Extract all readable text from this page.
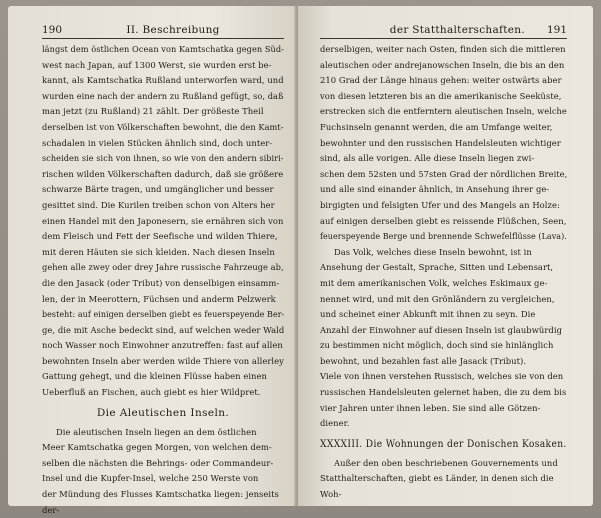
190	II. Beschreibung
längst dem östlichen Ocean von Kamtschatka gegen Süd-
west nach Japan, auf 1300 Werst, sie wurden erst be-
kannt, als Kamtschatka Rußland unterworfen ward, und
wurden eine nach der andern zu Rußland gefügt, so, daß
man jetzt (zu Rußland) 21 zählt. Der größeste Theil
derselben ist von Völkerschaften bewohnt, die den Kamt-
schadalen in vielen Stücken ähnlich sind, doch unter-
scheiden sie sich von ihnen, so wie von den andern sibiri-
rischen wilden Völkerschaften dadurch, daß sie größere
schwarze Bärte tragen, und umgänglicher und besser
gesittet sind. Die Kurilen treiben schon von Alters her
einen Handel mit den Japonesern, sie ernähren sich von
dem Fleisch und Fett der Seefische und wilden Thiere,
mit deren Häuten sie sich kleiden. Nach diesen Inseln
gehen alle zwey oder drey Jahre russische Fahrzeuge ab,
die den Jasack (oder Tribut) von denselbigen einsamm-
len, der in Meerottern, Füchsen und anderm Pelzwerk
besteht: auf einigen derselben giebt es feuerspeyende Ber-
ge, die mit Asche bedeckt sind, auf welchen weder Wald
noch Wasser noch Einwohner anzutreffen: fast auf allen
bewohnten Inseln aber werden wilde Thiere von allerley
Gattung gehegt, und die kleinen Flüsse haben einen
Ueberfluß an Fischen, auch giebt es hier Wildpret.
Die Aleutischen Inseln.
Die aleutischen Inseln liegen an dem östlichen
Meer Kamtschatka gegen Morgen, von welchen dem-
selben die nächsten die Behrings- oder Commandeur-
Insel und die Kupfer-Insel, welche 250 Werste von
der Mündung des Flusses Kamtschatka liegen: jenseits
der-
der Statthalterschaften.	191
derselbigen, weiter nach Osten, finden sich die mittleren
aleutischen oder andrejanowschen Inseln, die bis an den
210 Grad der Länge hinaus gehen: weiter ostwärts aber
von diesen letzteren bis an die amerikanische Seeküste,
erstrecken sich die entferntern aleutischen Inseln, welche
Fuchsinseln genannt werden, die am Umfange weiter,
bewohnter und den russischen Handelsleuten wichtiger
sind, als alle vorigen. Alle diese Inseln liegen zwi-
schen dem 52sten und 57sten Grad der nördlichen Breite,
und alle sind einander ähnlich, in Ansehung ihrer ge-
birgigten und felsigten Ufer und des Mangels an Holze:
auf einigen derselben giebt es reissende Flüßchen, Seen,
feuerspeyende Berge und brennende Schwefelflüsse (Lava).
Das Volk, welches diese Inseln bewohnt, ist in
Ansehung der Gestalt, Sprache, Sitten und Lebensart,
mit dem amerikanischen Volk, welches Eskimaux ge-
nennet wird, und mit den Grönländern zu vergleichen,
und scheinet einer Abkunft mit ihnen zu seyn. Die
Anzahl der Einwohner auf diesen Inseln ist glaubwürdig
zu bestimmen nicht möglich, doch sind sie hinlänglich
bewohnt, und bezahlen fast alle Jasack (Tribut).
Viele von ihnen verstehen Russisch, welches sie von den
russischen Handelsleuten gelernet haben, die zu dem bis
vier Jahren unter ihnen leben. Sie sind alle Götzen-
diener.
XXXXIII. Die Wohnungen der Donischen Kosaken.
Außer den oben beschriebenen Gouvernements und
Statthalterschaften, giebt es Länder, in denen sich die
Woh-
